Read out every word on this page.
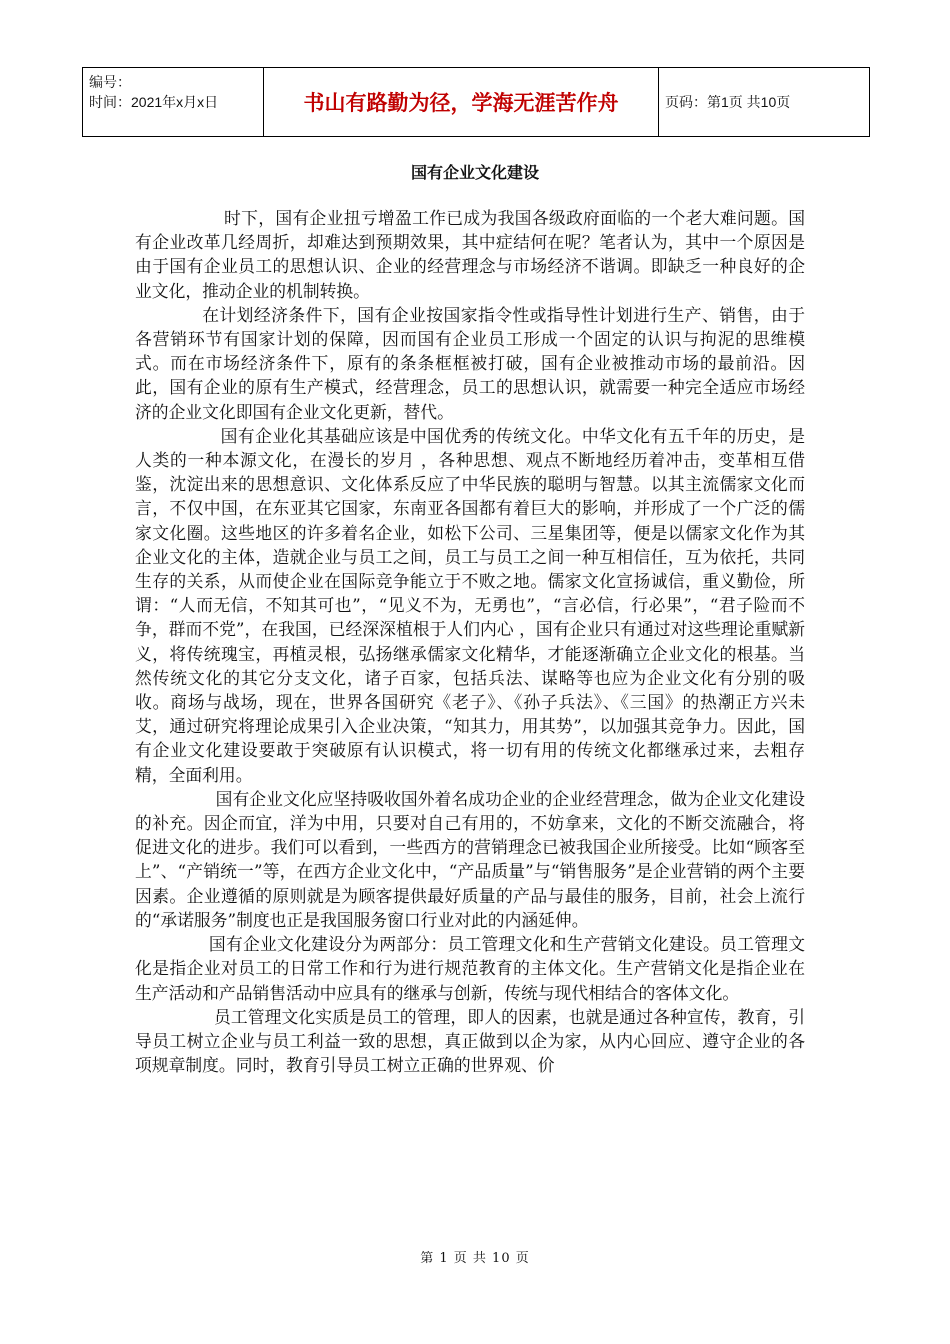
编号：
时间：2021年x月x日	书山有路勤为径，学海无涯苦作舟	页码：第1页 共10页
国有企业文化建设

时下，国有企业扭亏增盈工作已成为我国各级政府面临的一个老大难问题。国有企业改革几经周折，却难达到预期效果，其中症结何在呢？笔者认为，其中一个原因是由于国有企业员工的思想认识、企业的经营理念与市场经济不谐调。即缺乏一种良好的企业文化，推动企业的机制转换。

在计划经济条件下，国有企业按国家指令性或指导性计划进行生产、销售，由于各营销环节有国家计划的保障，因而国有企业员工形成一个固定的认识与拘泥的思维模式。而在市场经济条件下，原有的条条框框被打破，国有企业被推动市场的最前沿。因此，国有企业的原有生产模式，经营理念，员工的思想认识，就需要一种完全适应市场经济的企业文化即国有企业文化更新，替代。

国有企业化其基础应该是中国优秀的传统文化。中华文化有五千年的历史，是人类的一种本源文化，在漫长的岁月 ，各种思想、观点不断地经历着冲击，变革相互借鉴，沈淀出来的思想意识、文化体系反应了中华民族的聪明与智慧。以其主流儒家文化而言，不仅中国，在东亚其它国家，东南亚各国都有着巨大的影响，并形成了一个广泛的儒家文化圈。这些地区的许多着名企业，如松下公司、三星集团等，便是以儒家文化作为其企业文化的主体，造就企业与员工之间，员工与员工之间一种互相信任，互为依托，共同生存的关系，从而使企业在国际竞争能立于不败之地。儒家文化宣扬诚信，重义勤俭，所谓：“人而无信，不知其可也”，“见义不为，无勇也”，“言必信，行必果”，“君子险而不争，群而不党”，在我国，已经深深植根于人们内心 ，国有企业只有通过对这些理论重赋新义，将传统瑰宝，再植灵根，弘扬继承儒家文化精华，才能逐渐确立企业文化的根基。当然传统文化的其它分支文化，诸子百家，包括兵法、谋略等也应为企业文化有分别的吸收。商场与战场，现在，世界各国研究《老子》、《孙子兵法》、《三国》的热潮正方兴未艾，通过研究将理论成果引入企业决策，“知其力，用其势”，以加强其竞争力。因此，国有企业文化建设要敢于突破原有认识模式，将一切有用的传统文化都继承过来，去粗存精，全面利用。

国有企业文化应坚持吸收国外着名成功企业的企业经营理念，做为企业文化建设的补充。因企而宜，洋为中用，只要对自己有用的，不妨拿来，文化的不断交流融合，将促进文化的进步。我们可以看到，一些西方的营销理念已被我国企业所接受。比如“顾客至上”、“产销统一”等，在西方企业文化中，“产品质量”与“销售服务”是企业营销的两个主要因素。企业遵循的原则就是为顾客提供最好质量的产品与最佳的服务，目前，社会上流行的“承诺服务”制度也正是我国服务窗口行业对此的内涵延伸。

国有企业文化建设分为两部分：员工管理文化和生产营销文化建设。员工管理文化是指企业对员工的日常工作和行为进行规范教育的主体文化。生产营销文化是指企业在生产活动和产品销售活动中应具有的继承与创新，传统与现代相结合的客体文化。

员工管理文化实质是员工的管理，即人的因素，也就是通过各种宣传，教育，引导员工树立企业与员工利益一致的思想，真正做到以企为家，从内心回应、遵守企业的各项规章制度。同时，教育引导员工树立正确的世界观、价

第 1 页 共 10 页
